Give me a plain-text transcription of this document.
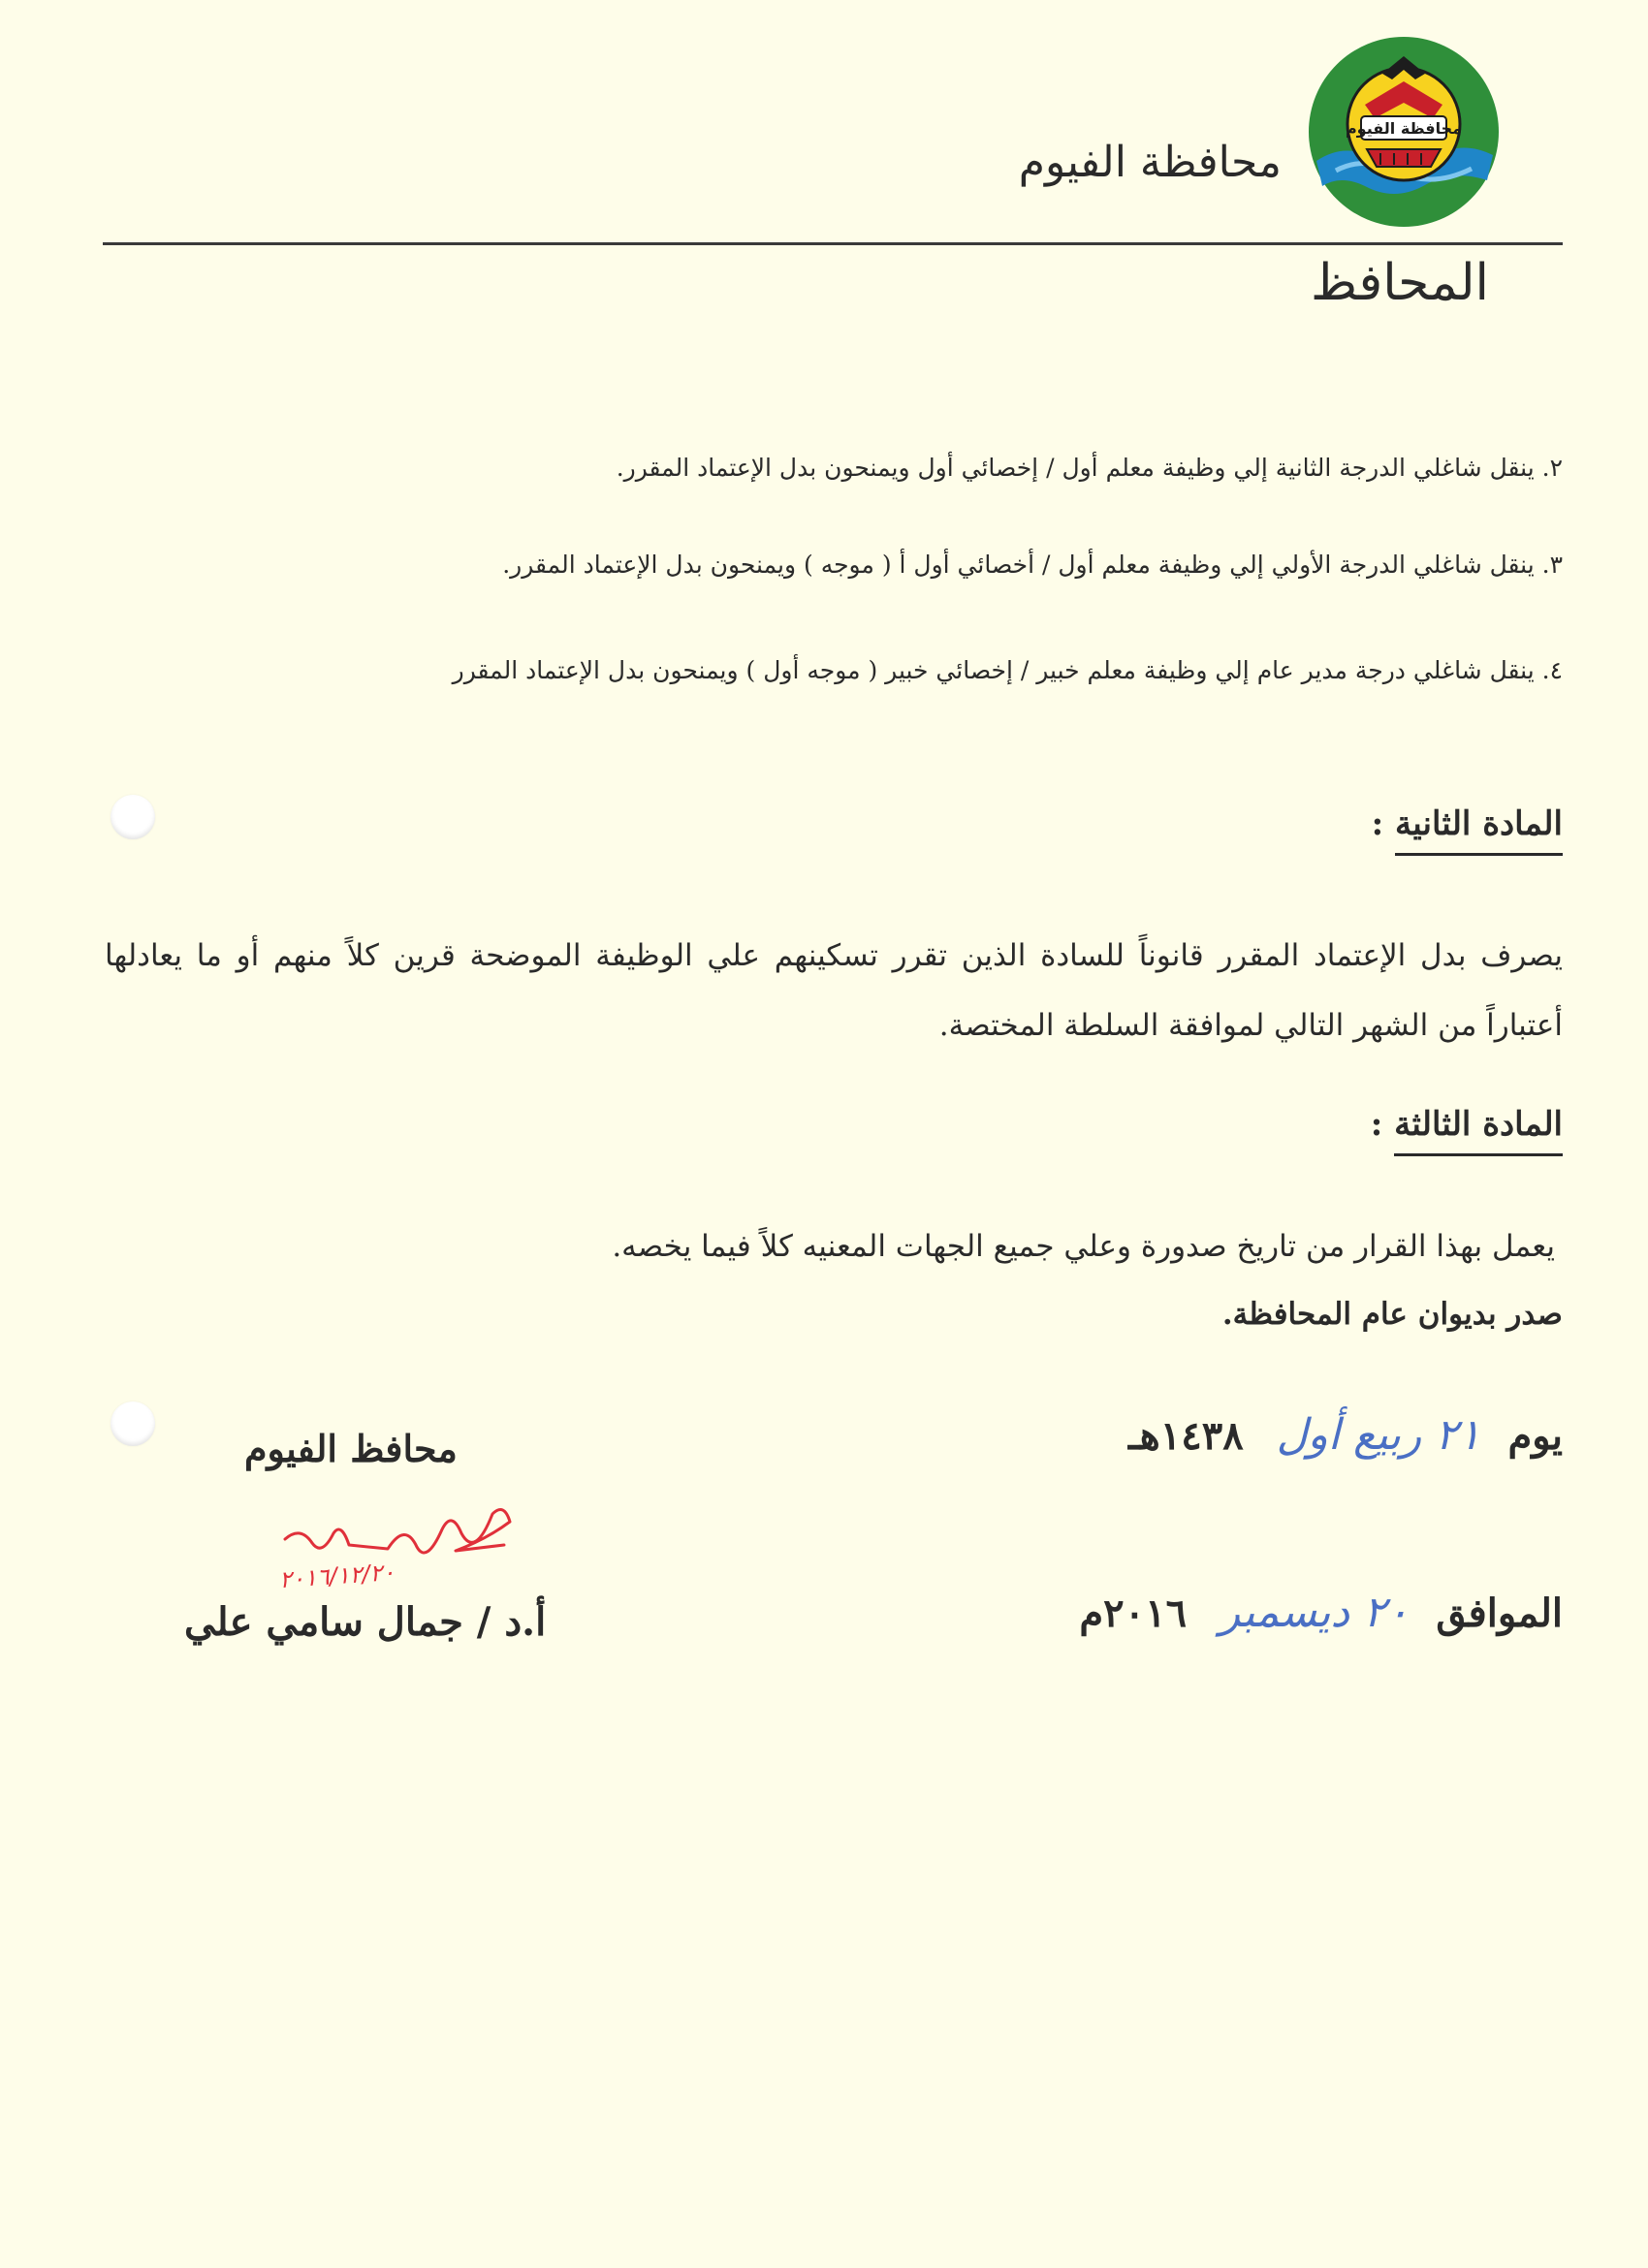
محافظة الفيوم
محافظة الفيوم
المحافظ
٢. ينقل شاغلي الدرجة الثانية إلي وظيفة معلم أول / إخصائي أول ويمنحون بدل الإعتماد المقرر.
٣. ينقل شاغلي الدرجة الأولي إلي وظيفة معلم أول / أخصائي أول أ ( موجه ) ويمنحون بدل الإعتماد المقرر.
٤. ينقل شاغلي درجة مدير عام إلي وظيفة معلم خبير / إخصائي خبير ( موجه أول ) ويمنحون بدل الإعتماد المقرر
المادة الثانية :
يصرف بدل الإعتماد المقرر قانوناً للسادة الذين تقرر تسكينهم علي الوظيفة الموضحة قرين كلاً منهم أو ما يعادلها أعتباراً من الشهر التالي لموافقة السلطة المختصة.
المادة الثالثة :
يعمل بهذا القرار من تاريخ صدورة وعلي جميع الجهات المعنيه كلاً فيما يخصه.
صدر بديوان عام المحافظة.
يوم ٢١ ربيع أول ١٤٣٨هـ
الموافق ٢٠ ديسمبر ٢٠١٦م
محافظ الفيوم
٢٠١٦/١٢/٢٠
أ.د / جمال سامي علي
